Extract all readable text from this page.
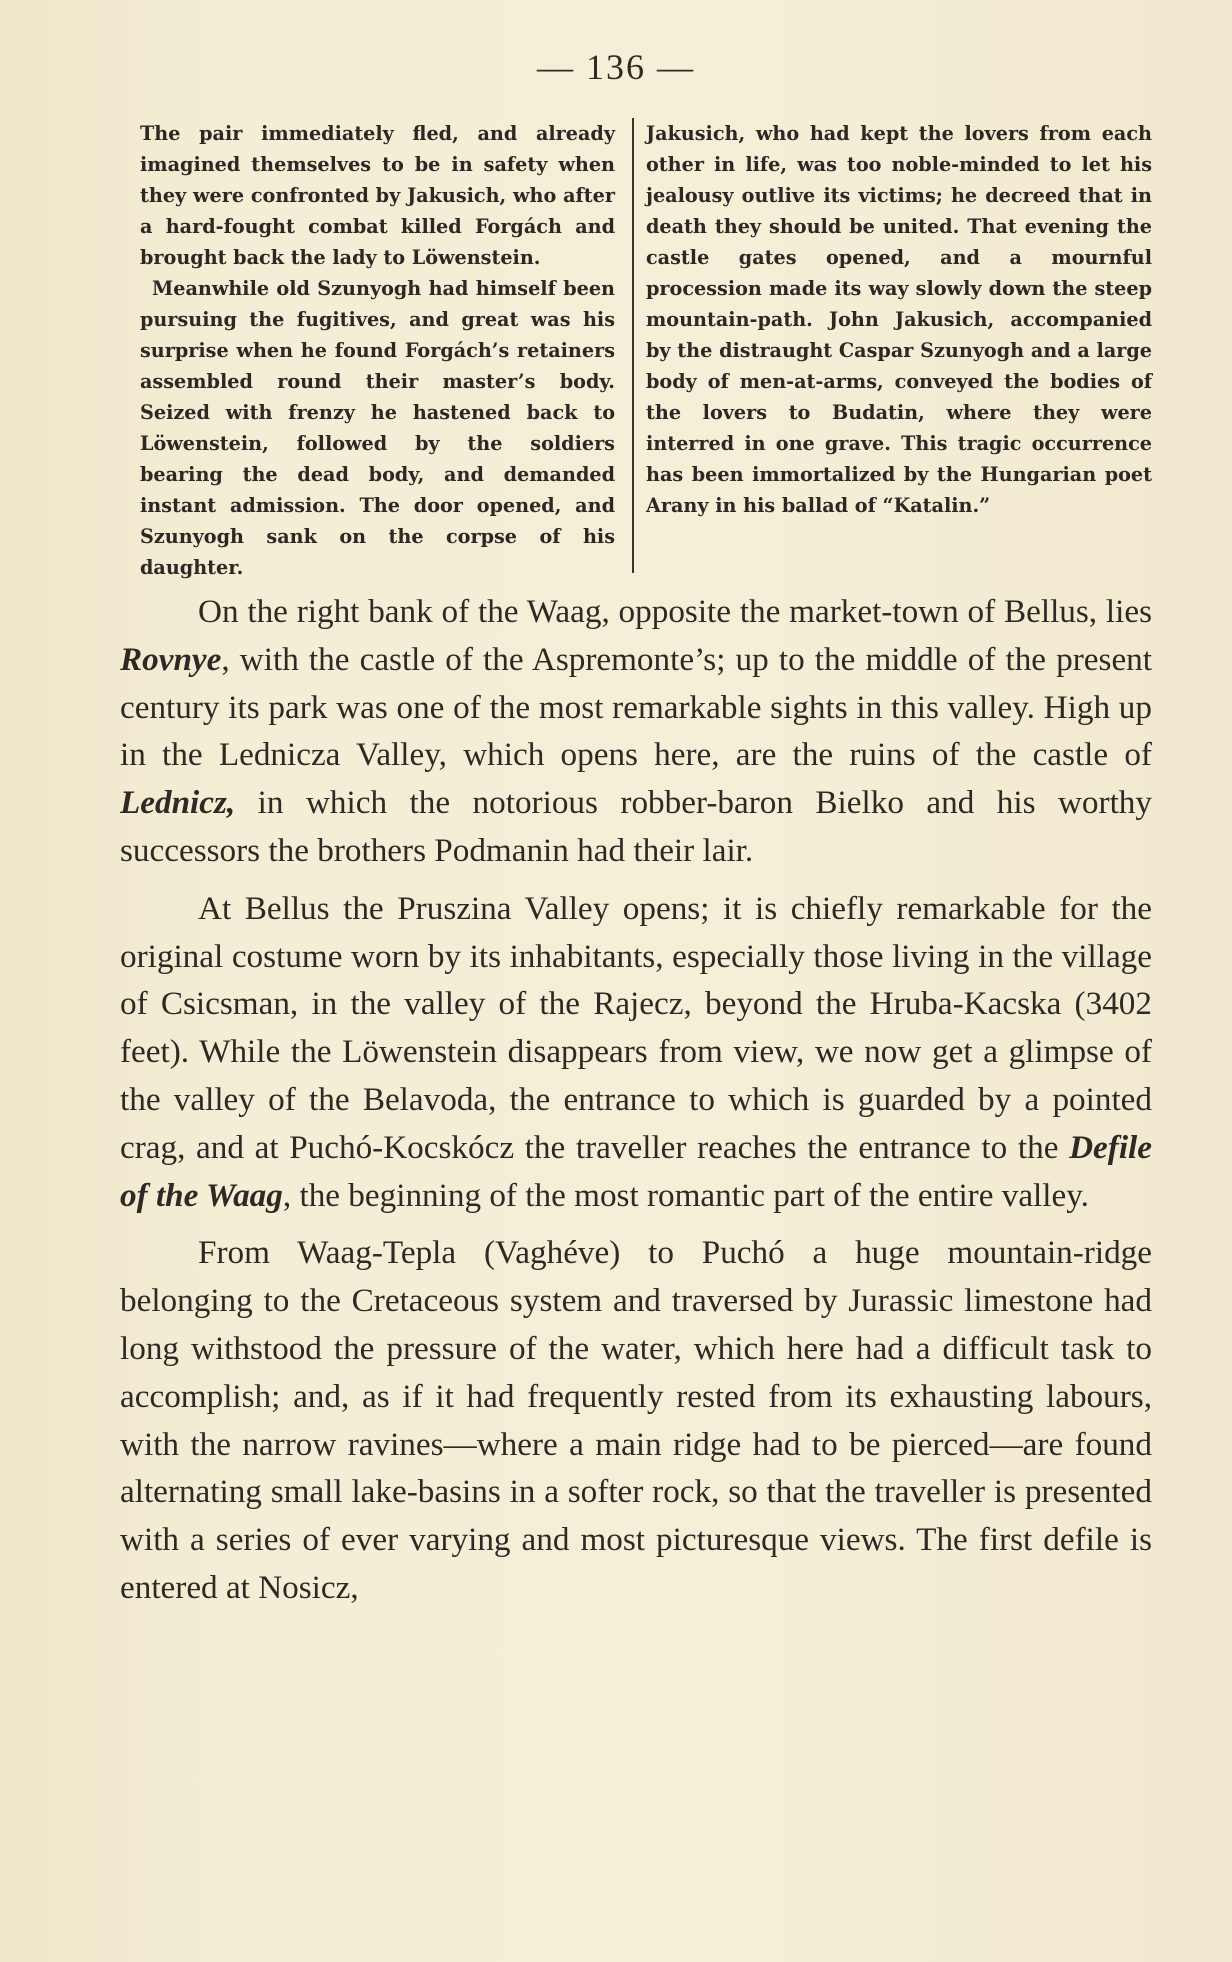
— 136 —

The pair immediately fled, and already imagined themselves to be in safety when they were confronted by Jakusich, who after a hard-fought combat killed Forgách and brought back the lady to Löwenstein.

Meanwhile old Szunyogh had himself been pursuing the fugitives, and great was his surprise when he found Forgách’s retainers assembled round their master’s body. Seized with frenzy he hastened back to Löwenstein, followed by the soldiers bearing the dead body, and demanded instant admission. The door opened, and Szunyogh sank on the corpse of his daughter.

Jakusich, who had kept the lovers from each other in life, was too noble-minded to let his jealousy outlive its victims; he decreed that in death they should be united. That evening the castle gates opened, and a mournful procession made its way slowly down the steep mountain-path. John Jakusich, accompanied by the distraught Caspar Szunyogh and a large body of men-at-arms, conveyed the bodies of the lovers to Budatin, where they were interred in one grave. This tragic occurrence has been immortalized by the Hungarian poet Arany in his ballad of “Katalin.”

On the right bank of the Waag, opposite the market-town of Bellus, lies Rovnye, with the castle of the Aspremonte’s; up to the middle of the present century its park was one of the most remarkable sights in this valley. High up in the Lednicza Valley, which opens here, are the ruins of the castle of Lednicz, in which the notorious robber-baron Bielko and his worthy successors the brothers Podmanin had their lair.

At Bellus the Pruszina Valley opens; it is chiefly remarkable for the original costume worn by its inhabitants, especially those living in the village of Csicsman, in the valley of the Rajecz, beyond the Hruba-Kacska (3402 feet). While the Löwenstein disappears from view, we now get a glimpse of the valley of the Belavoda, the entrance to which is guarded by a pointed crag, and at Puchó-Kocskócz the traveller reaches the entrance to the Defile of the Waag, the beginning of the most romantic part of the entire valley.

From Waag-Tepla (Vaghéve) to Puchó a huge mountain-ridge belonging to the Cretaceous system and traversed by Jurassic limestone had long withstood the pressure of the water, which here had a difficult task to accomplish; and, as if it had frequently rested from its exhausting labours, with the narrow ravines—where a main ridge had to be pierced—are found alternating small lake-basins in a softer rock, so that the traveller is presented with a series of ever varying and most picturesque views. The first defile is entered at Nosicz,
